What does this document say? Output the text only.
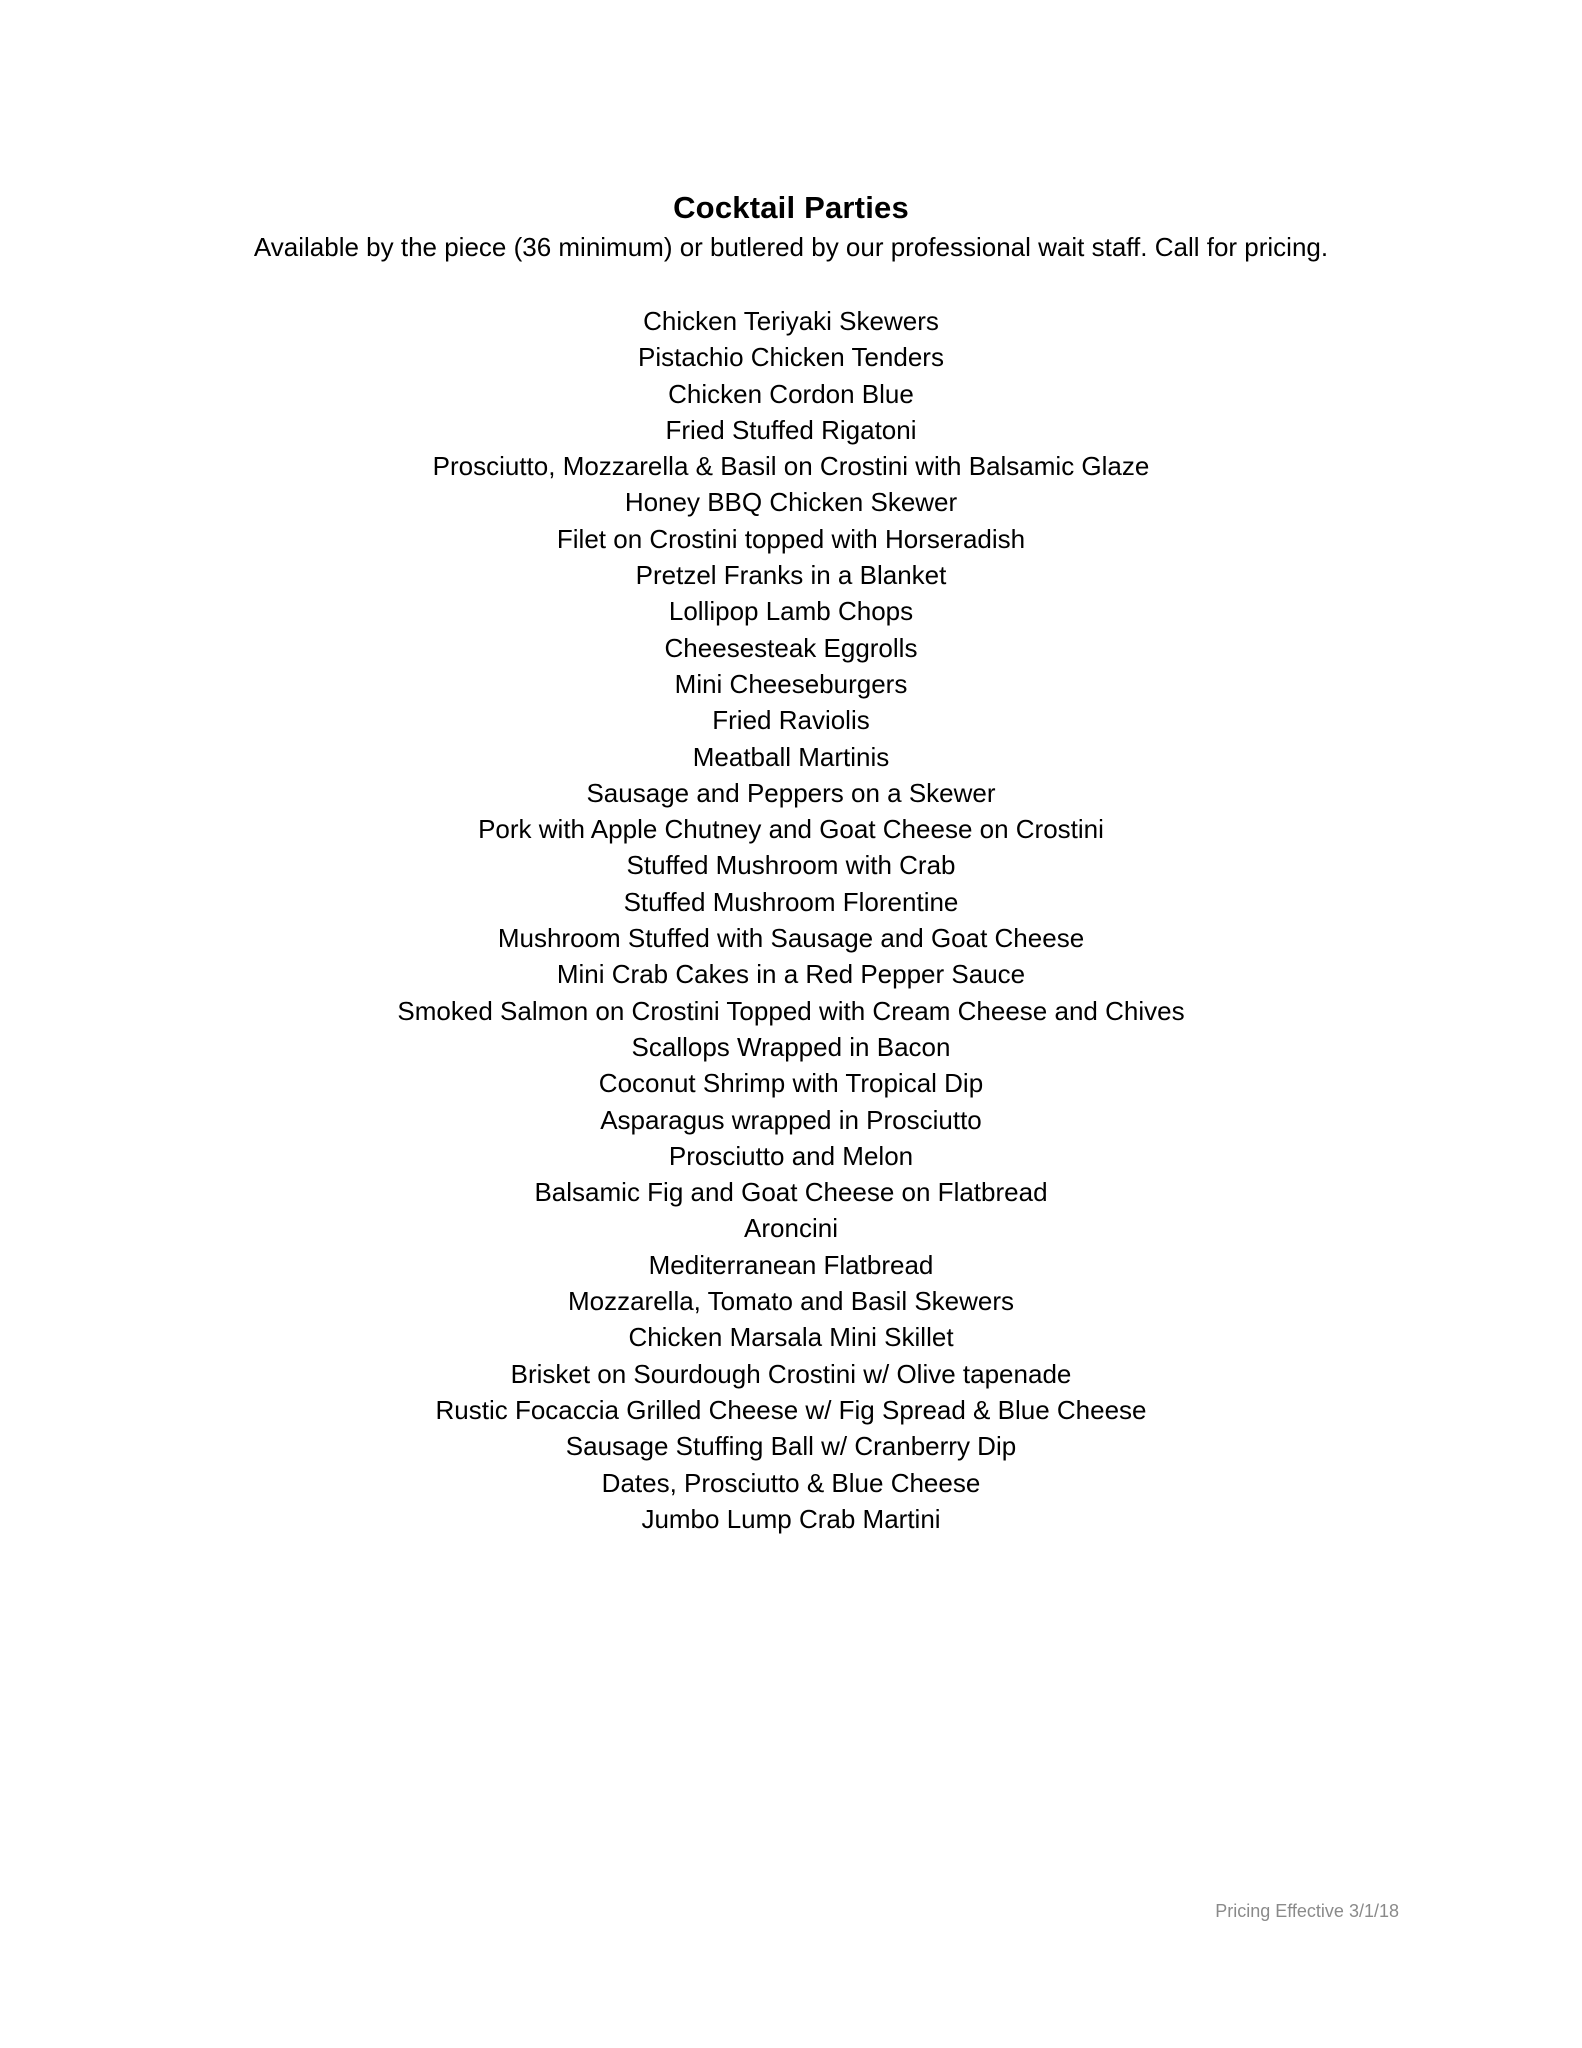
Cocktail Parties
Available by the piece (36 minimum) or butlered by our professional wait staff. Call for pricing.
Chicken Teriyaki Skewers
Pistachio Chicken Tenders
Chicken Cordon Blue
Fried Stuffed Rigatoni
Prosciutto, Mozzarella & Basil on Crostini with Balsamic Glaze
Honey BBQ Chicken Skewer
Filet on Crostini topped with Horseradish
Pretzel Franks in a Blanket
Lollipop Lamb Chops
Cheesesteak Eggrolls
Mini Cheeseburgers
Fried Raviolis
Meatball Martinis
Sausage and Peppers on a Skewer
Pork with Apple Chutney and Goat Cheese on Crostini
Stuffed Mushroom with Crab
Stuffed Mushroom Florentine
Mushroom Stuffed with Sausage and Goat Cheese
Mini Crab Cakes in a Red Pepper Sauce
Smoked Salmon on Crostini Topped with Cream Cheese and Chives
Scallops Wrapped in Bacon
Coconut Shrimp with Tropical Dip
Asparagus wrapped in Prosciutto
Prosciutto and Melon
Balsamic Fig and Goat Cheese on Flatbread
Aroncini
Mediterranean Flatbread
Mozzarella, Tomato and Basil Skewers
Chicken Marsala Mini Skillet
Brisket on Sourdough Crostini w/ Olive tapenade
Rustic Focaccia Grilled Cheese w/ Fig Spread & Blue Cheese
Sausage Stuffing Ball w/ Cranberry Dip
Dates, Prosciutto & Blue Cheese
Jumbo Lump Crab Martini
Pricing Effective 3/1/18
